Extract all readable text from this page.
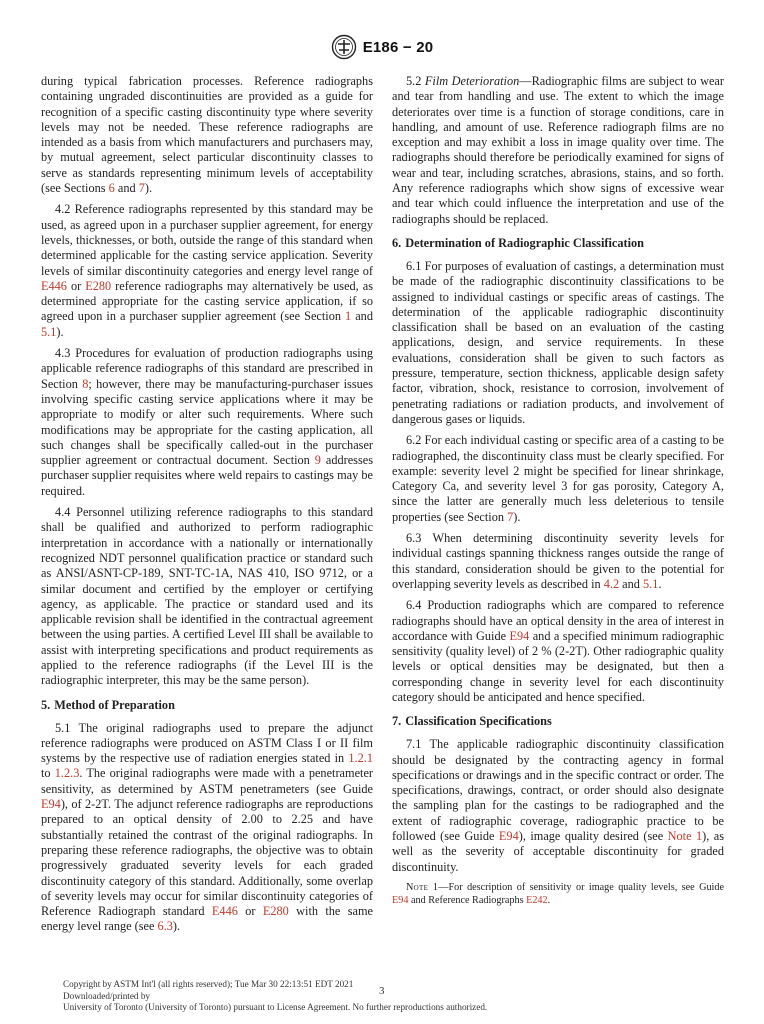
E186 − 20

during typical fabrication processes. Reference radiographs containing ungraded discontinuities are provided as a guide for recognition of a specific casting discontinuity type where severity levels may not be needed. These reference radiographs are intended as a basis from which manufacturers and purchasers may, by mutual agreement, select particular discontinuity classes to serve as standards representing minimum levels of acceptability (see Sections 6 and 7).

4.2 Reference radiographs represented by this standard may be used, as agreed upon in a purchaser supplier agreement, for energy levels, thicknesses, or both, outside the range of this standard when determined applicable for the casting service application. Severity levels of similar discontinuity categories and energy level range of E446 or E280 reference radiographs may alternatively be used, as determined appropriate for the casting service application, if so agreed upon in a purchaser supplier agreement (see Section 1 and 5.1).

4.3 Procedures for evaluation of production radiographs using applicable reference radiographs of this standard are prescribed in Section 8; however, there may be manufacturing-purchaser issues involving specific casting service applications where it may be appropriate to modify or alter such requirements. Where such modifications may be appropriate for the casting application, all such changes shall be specifically called-out in the purchaser supplier agreement or contractual document. Section 9 addresses purchaser supplier requisites where weld repairs to castings may be required.

4.4 Personnel utilizing reference radiographs to this standard shall be qualified and authorized to perform radiographic interpretation in accordance with a nationally or internationally recognized NDT personnel qualification practice or standard such as ANSI/ASNT-CP-189, SNT-TC-1A, NAS 410, ISO 9712, or a similar document and certified by the employer or certifying agency, as applicable. The practice or standard used and its applicable revision shall be identified in the contractual agreement between the using parties. A certified Level III shall be available to assist with interpreting specifications and product requirements as applied to the reference radiographs (if the Level III is the radiographic interpreter, this may be the same person).

5. Method of Preparation

5.1 The original radiographs used to prepare the adjunct reference radiographs were produced on ASTM Class I or II film systems by the respective use of radiation energies stated in 1.2.1 to 1.2.3. The original radiographs were made with a penetrameter sensitivity, as determined by ASTM penetrameters (see Guide E94), of 2-2T. The adjunct reference radiographs are reproductions prepared to an optical density of 2.00 to 2.25 and have substantially retained the contrast of the original radiographs. In preparing these reference radiographs, the objective was to obtain progressively graduated severity levels for each graded discontinuity category of this standard. Additionally, some overlap of severity levels may occur for similar discontinuity categories of Reference Radiograph standard E446 or E280 with the same energy level range (see 6.3).

5.2 Film Deterioration—Radiographic films are subject to wear and tear from handling and use. The extent to which the image deteriorates over time is a function of storage conditions, care in handling, and amount of use. Reference radiograph films are no exception and may exhibit a loss in image quality over time. The radiographs should therefore be periodically examined for signs of wear and tear, including scratches, abrasions, stains, and so forth. Any reference radiographs which show signs of excessive wear and tear which could influence the interpretation and use of the radiographs should be replaced.

6. Determination of Radiographic Classification

6.1 For purposes of evaluation of castings, a determination must be made of the radiographic discontinuity classifications to be assigned to individual castings or specific areas of castings. The determination of the applicable radiographic discontinuity classification shall be based on an evaluation of the casting applications, design, and service requirements. In these evaluations, consideration shall be given to such factors as pressure, temperature, section thickness, applicable design safety factor, vibration, shock, resistance to corrosion, involvement of penetrating radiations or radiation products, and involvement of dangerous gases or liquids.

6.2 For each individual casting or specific area of a casting to be radiographed, the discontinuity class must be clearly specified. For example: severity level 2 might be specified for linear shrinkage, Category Ca, and severity level 3 for gas porosity, Category A, since the latter are generally much less deleterious to tensile properties (see Section 7).

6.3 When determining discontinuity severity levels for individual castings spanning thickness ranges outside the range of this standard, consideration should be given to the potential for overlapping severity levels as described in 4.2 and 5.1.

6.4 Production radiographs which are compared to reference radiographs should have an optical density in the area of interest in accordance with Guide E94 and a specified minimum radiographic sensitivity (quality level) of 2 % (2-2T). Other radiographic quality levels or optical densities may be designated, but then a corresponding change in severity level for each discontinuity category should be anticipated and hence specified.

7. Classification Specifications

7.1 The applicable radiographic discontinuity classification should be designated by the contracting agency in formal specifications or drawings and in the specific contract or order. The specifications, drawings, contract, or order should also designate the sampling plan for the castings to be radiographed and the extent of radiographic coverage, radiographic practice to be followed (see Guide E94), image quality desired (see Note 1), as well as the severity of acceptable discontinuity for graded discontinuity.

Note 1—For description of sensitivity or image quality levels, see Guide E94 and Reference Radiographs E242.

Copyright by ASTM Int'l (all rights reserved); Tue Mar 30 22:13:51 EDT 2021
Downloaded/printed by
University of Toronto (University of Toronto) pursuant to License Agreement. No further reproductions authorized.
3
